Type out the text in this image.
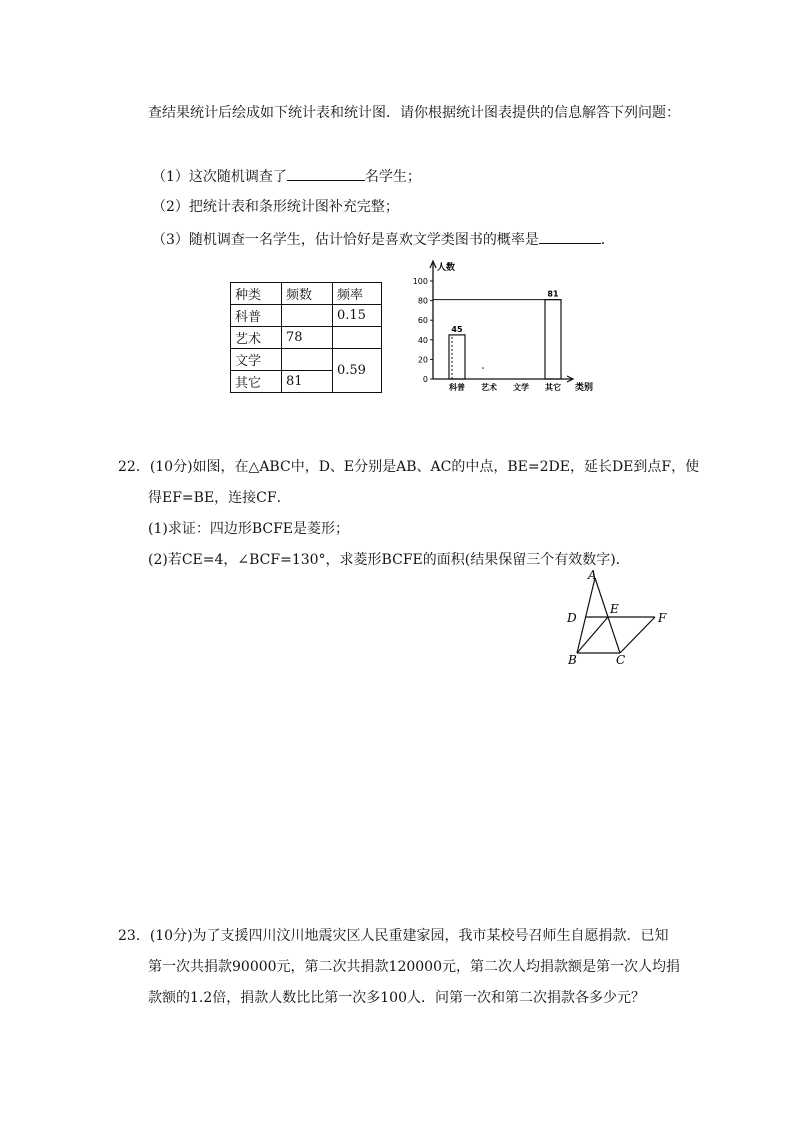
查结果统计后绘成如下统计表和统计图．请你根据统计图表提供的信息解答下列问题：
（1）这次随机调查了	名学生；
（2）把统计表和条形统计图补充完整；
（3）随机调查一名学生，估计恰好是喜欢文学类图书的概率是	．
种类	频数	频率
科普		0.15
艺术	78	
文学		0.59
其它	81	
人数
类别
0
20
40
60
80
100
科普
45
艺术 文学 其它
81
22．(10分)如图，在△ABC中，D、E分别是AB、AC的中点，BE=2DE，延长DE到点F，使
得EF=BE，连接CF．
(1)求证：四边形BCFE是菱形；
(2)若CE=4，∠BCF=130°，求菱形BCFE的面积(结果保留三个有效数字)．
A
D
E
F
B	C
23．(10分)为了支援四川汶川地震灾区人民重建家园，我市某校号召师生自愿捐款．已知
第一次共捐款90000元，第二次共捐款120000元，第二次人均捐款额是第一次人均捐
款额的1.2倍，捐款人数比比第一次多100人．问第一次和第二次捐款各多少元？
